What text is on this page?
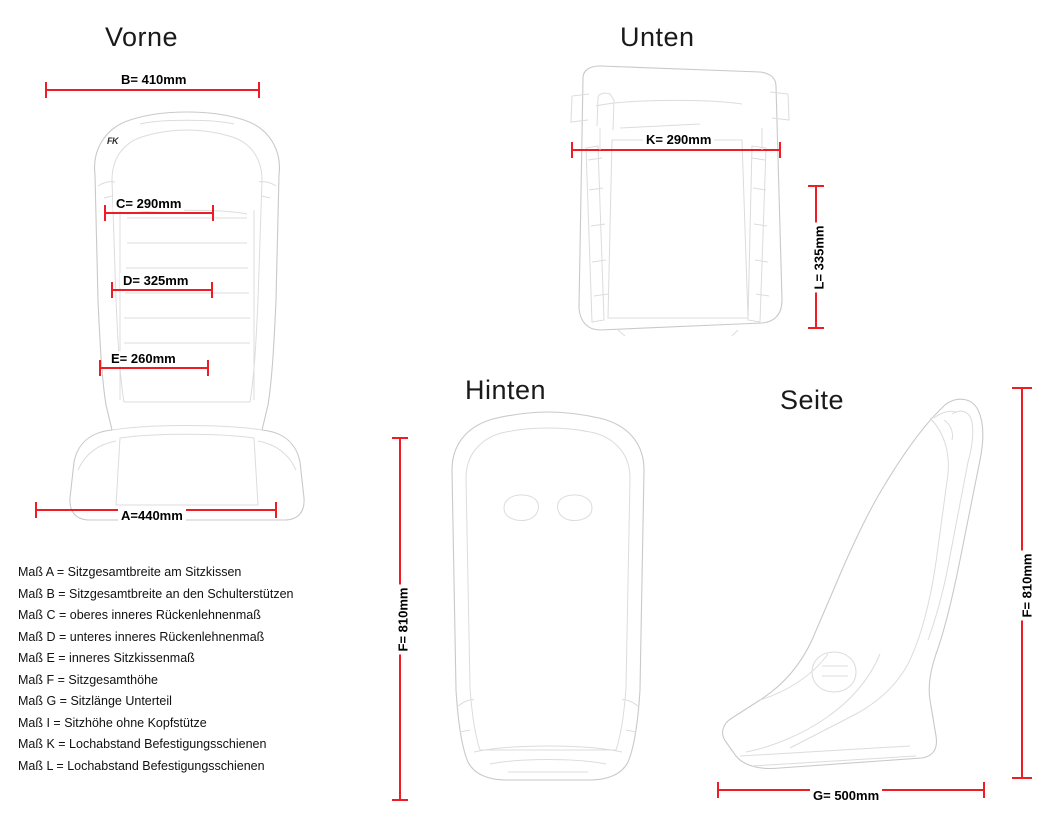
Vorne	Unten
Hinten	Seite
B= 410mm
C= 290mm
D= 325mm
E= 260mm
A=440mm
K= 290mm
L= 335mm
F= 810mm
F= 810mm
G= 500mm
FK
Maß A = Sitzgesamtbreite am Sitzkissen
Maß B = Sitzgesamtbreite an den Schulterstützen
Maß C = oberes inneres Rückenlehnenmaß
Maß D = unteres inneres Rückenlehnenmaß
Maß E = inneres Sitzkissenmaß
Maß F = Sitzgesamthöhe
Maß G = Sitzlänge Unterteil
Maß I = Sitzhöhe ohne Kopfstütze
Maß K = Lochabstand Befestigungsschienen
Maß L = Lochabstand Befestigungsschienen
